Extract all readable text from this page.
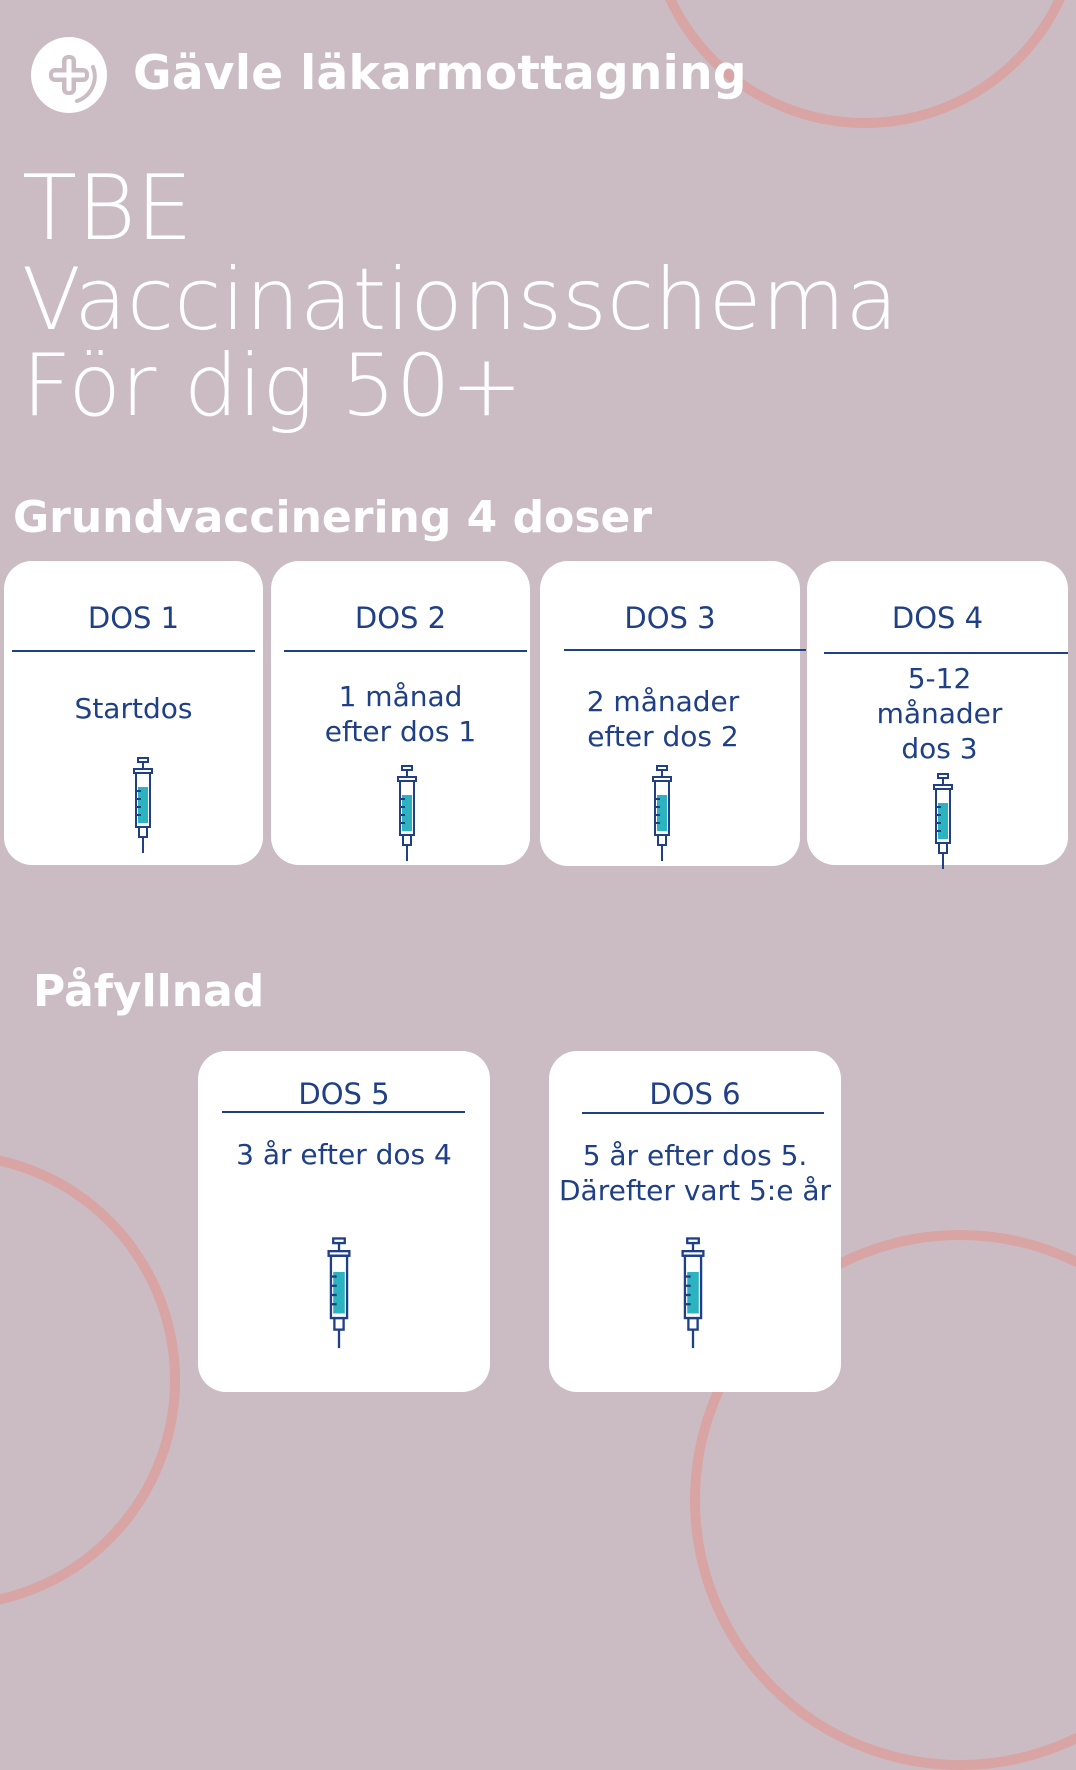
Gävle läkarmottagning
TBE
Vaccinationsschema
För dig 50+
Grundvaccinering 4 doser
DOS 1
Startdos
DOS 2
1 månad
efter dos 1
DOS 3
2 månader
efter dos 2
DOS 4
5-12
månader
dos 3
Påfyllnad
DOS 5
3 år efter dos 4
DOS 6
5 år efter dos 5.
Därefter vart 5:e år
